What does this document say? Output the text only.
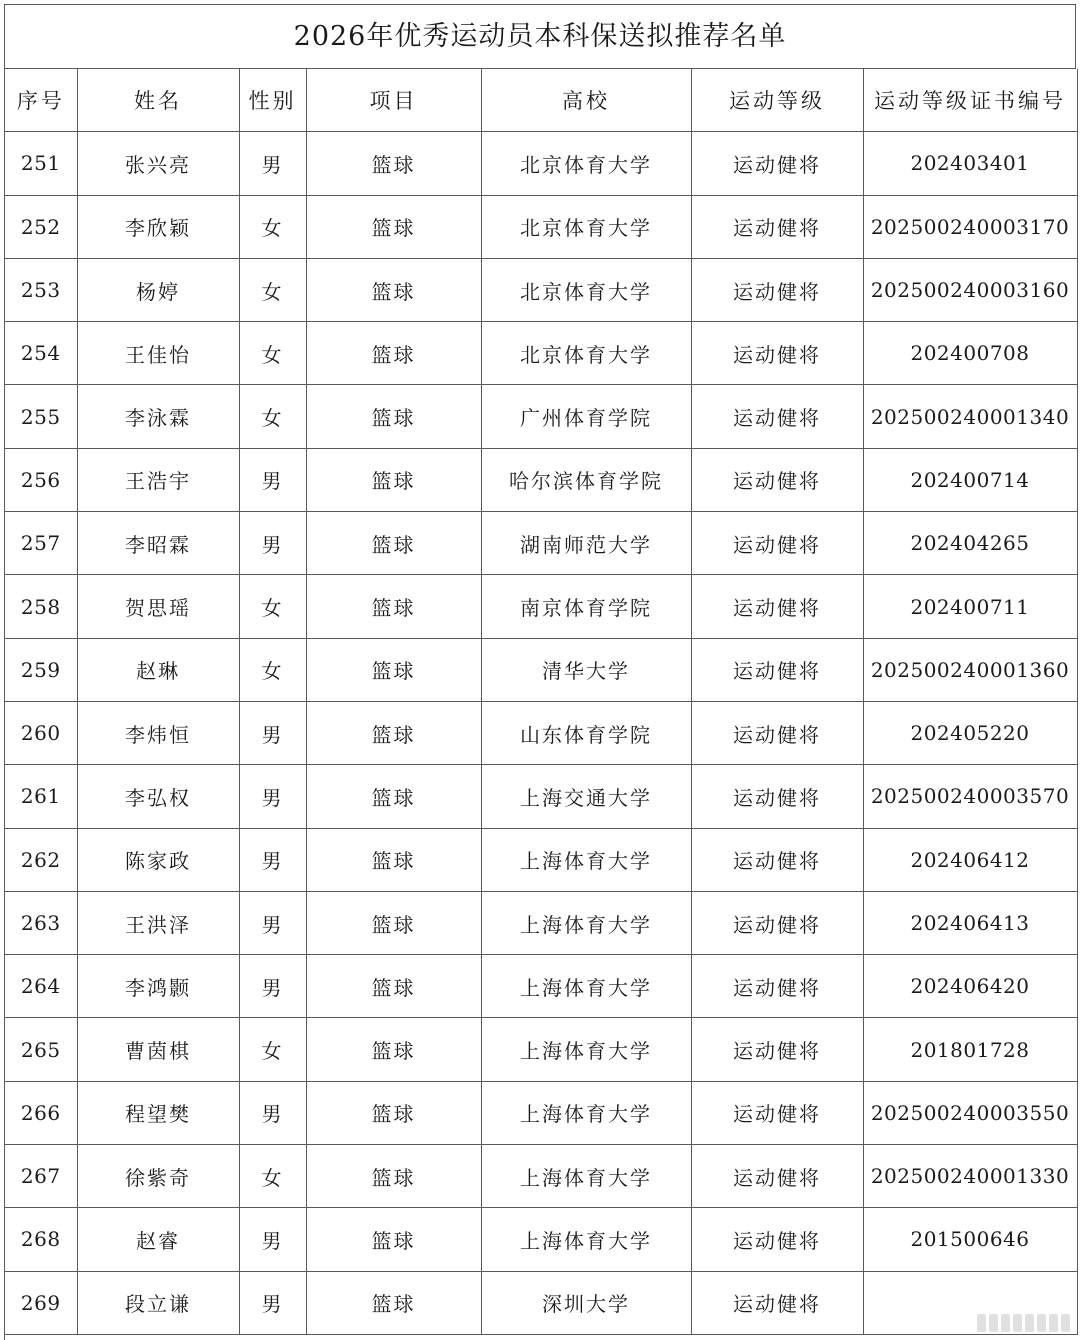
2026年优秀运动员本科保送拟推荐名单
序号	姓名	性别	项目	高校	运动等级	运动等级证书编号
251	张兴亮	男	篮球	北京体育大学	运动健将	202403401
252	李欣颖	女	篮球	北京体育大学	运动健将	202500240003170
253	杨婷	女	篮球	北京体育大学	运动健将	202500240003160
254	王佳怡	女	篮球	北京体育大学	运动健将	202400708
255	李泳霖	女	篮球	广州体育学院	运动健将	202500240001340
256	王浩宇	男	篮球	哈尔滨体育学院	运动健将	202400714
257	李昭霖	男	篮球	湖南师范大学	运动健将	202404265
258	贺思瑶	女	篮球	南京体育学院	运动健将	202400711
259	赵琳	女	篮球	清华大学	运动健将	202500240001360
260	李炜恒	男	篮球	山东体育学院	运动健将	202405220
261	李弘权	男	篮球	上海交通大学	运动健将	202500240003570
262	陈家政	男	篮球	上海体育大学	运动健将	202406412
263	王洪泽	男	篮球	上海体育大学	运动健将	202406413
264	李鸿颢	男	篮球	上海体育大学	运动健将	202406420
265	曹茵棋	女	篮球	上海体育大学	运动健将	201801728
266	程望樊	男	篮球	上海体育大学	运动健将	202500240003550
267	徐紫奇	女	篮球	上海体育大学	运动健将	202500240001330
268	赵睿	男	篮球	上海体育大学	运动健将	201500646
269	段立谦	男	篮球	深圳大学	运动健将	
